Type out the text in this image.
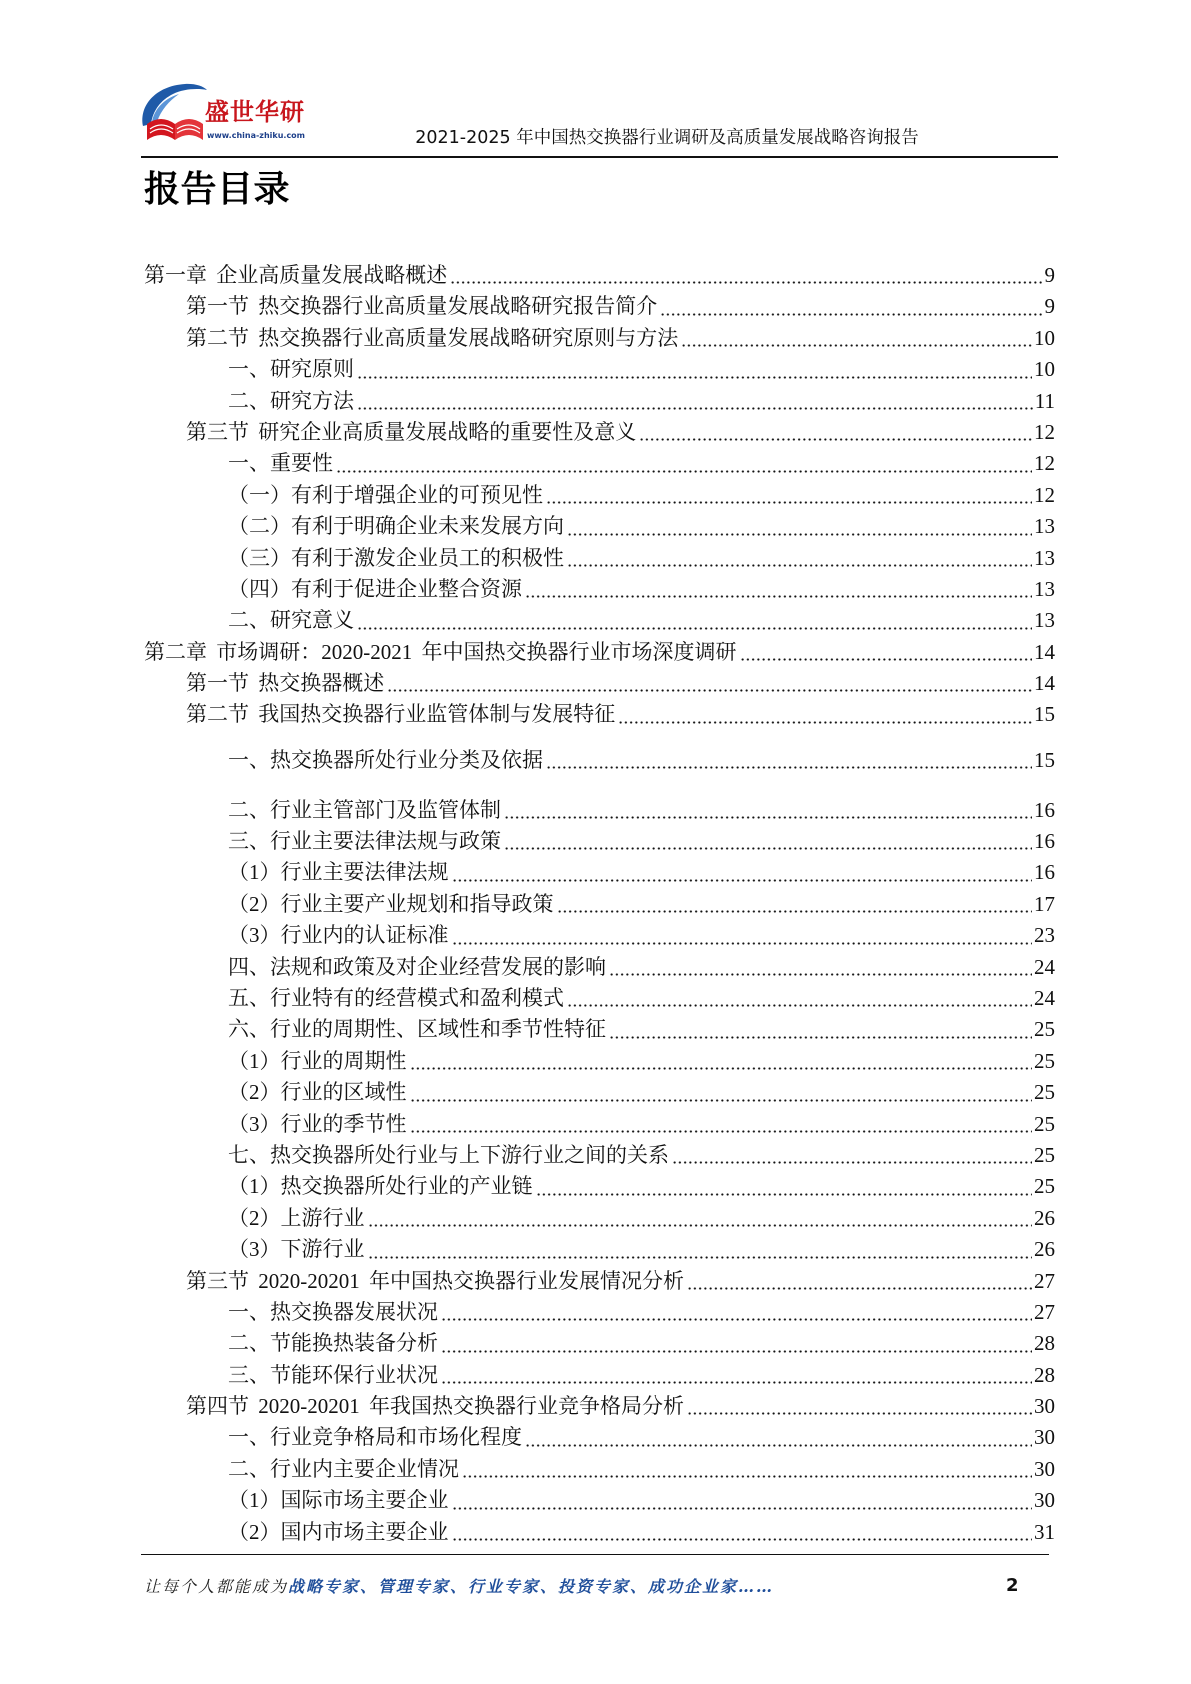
盛世华研
www.china-zhiku.com	2021-2025 年中国热交换器行业调研及高质量发展战略咨询报告
报告目录
第一章 企业高质量发展战略概述	9
第一节 热交换器行业高质量发展战略研究报告简介	9
第二节 热交换器行业高质量发展战略研究原则与方法	10
一、研究原则	10
二、研究方法	11
第三节 研究企业高质量发展战略的重要性及意义	12
一、重要性	12
（一）有利于增强企业的可预见性	12
（二）有利于明确企业未来发展方向	13
（三）有利于激发企业员工的积极性	13
（四）有利于促进企业整合资源	13
二、研究意义	13
第二章 市场调研：2020-2021 年中国热交换器行业市场深度调研	14
第一节 热交换器概述	14
第二节 我国热交换器行业监管体制与发展特征	15
一、热交换器所处行业分类及依据	15
二、行业主管部门及监管体制	16
三、行业主要法律法规与政策	16
（1）行业主要法律法规	16
（2）行业主要产业规划和指导政策	17
（3）行业内的认证标准	23
四、法规和政策及对企业经营发展的影响	24
五、行业特有的经营模式和盈利模式	24
六、行业的周期性、区域性和季节性特征	25
（1）行业的周期性	25
（2）行业的区域性	25
（3）行业的季节性	25
七、热交换器所处行业与上下游行业之间的关系	25
（1）热交换器所处行业的产业链	25
（2）上游行业	26
（3）下游行业	26
第三节 2020-20201 年中国热交换器行业发展情况分析	27
一、热交换器发展状况	27
二、节能换热装备分析	28
三、节能环保行业状况	28
第四节 2020-20201 年我国热交换器行业竞争格局分析	30
一、行业竞争格局和市场化程度	30
二、行业内主要企业情况	30
（1）国际市场主要企业	30
（2）国内市场主要企业	31
让每个人都能成为战略专家、管理专家、行业专家、投资专家、成功企业家……	2
